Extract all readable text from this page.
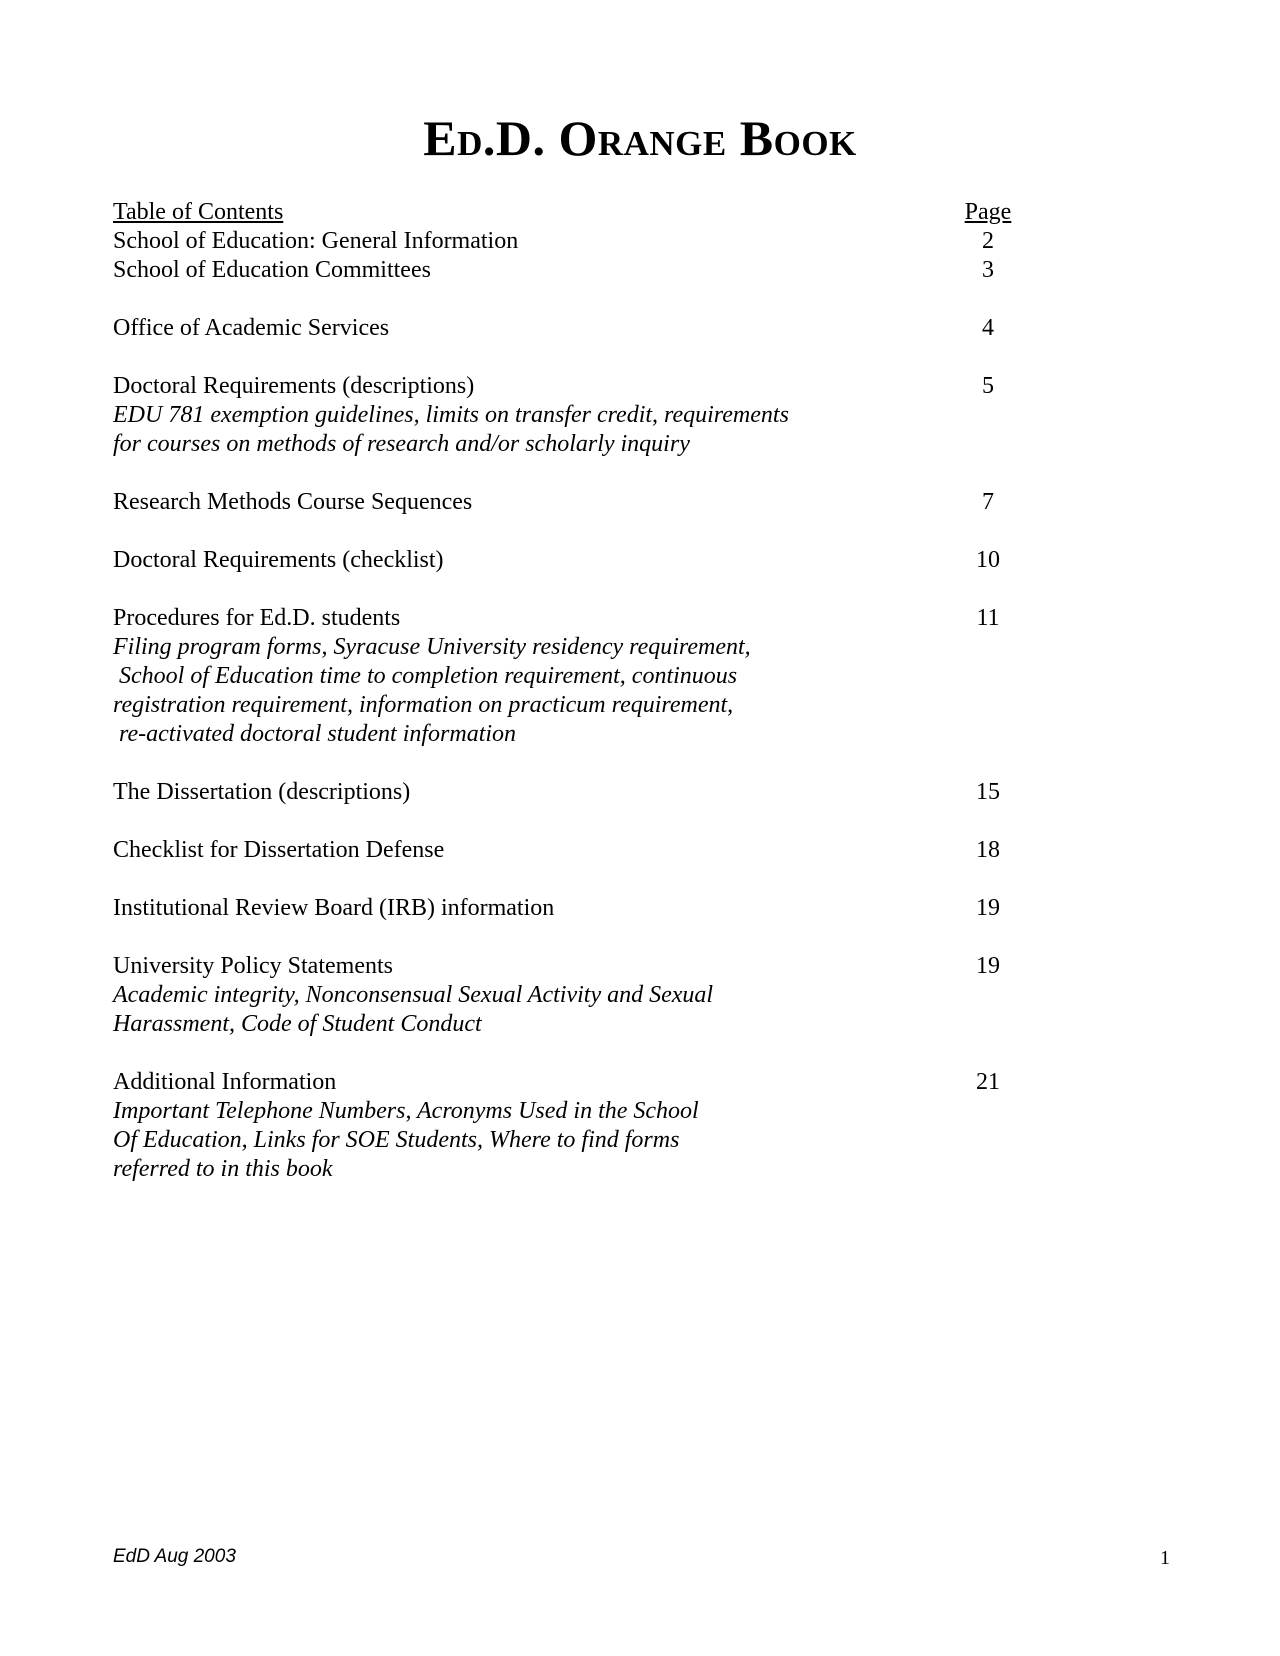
Ed.D. Orange Book
Table of Contents	Page
School of Education: General Information	2
School of Education Committees	3
Office of Academic Services	4
Doctoral Requirements (descriptions)	5
EDU 781 exemption guidelines, limits on transfer credit, requirements
for courses on methods of research and/or scholarly inquiry
Research Methods Course Sequences	7
Doctoral Requirements (checklist)	10
Procedures for Ed.D. students	11
Filing program forms, Syracuse University residency requirement,
School of Education time to completion requirement, continuous
registration requirement, information on practicum requirement,
re-activated doctoral student information
The Dissertation (descriptions)	15
Checklist for Dissertation Defense	18
Institutional Review Board (IRB) information	19
University Policy Statements	19
Academic integrity, Nonconsensual Sexual Activity and Sexual
Harassment, Code of Student Conduct
Additional Information	21
Important Telephone Numbers, Acronyms Used in the School
Of Education, Links for SOE Students, Where to find forms
referred to in this book
EdD Aug 2003	1
